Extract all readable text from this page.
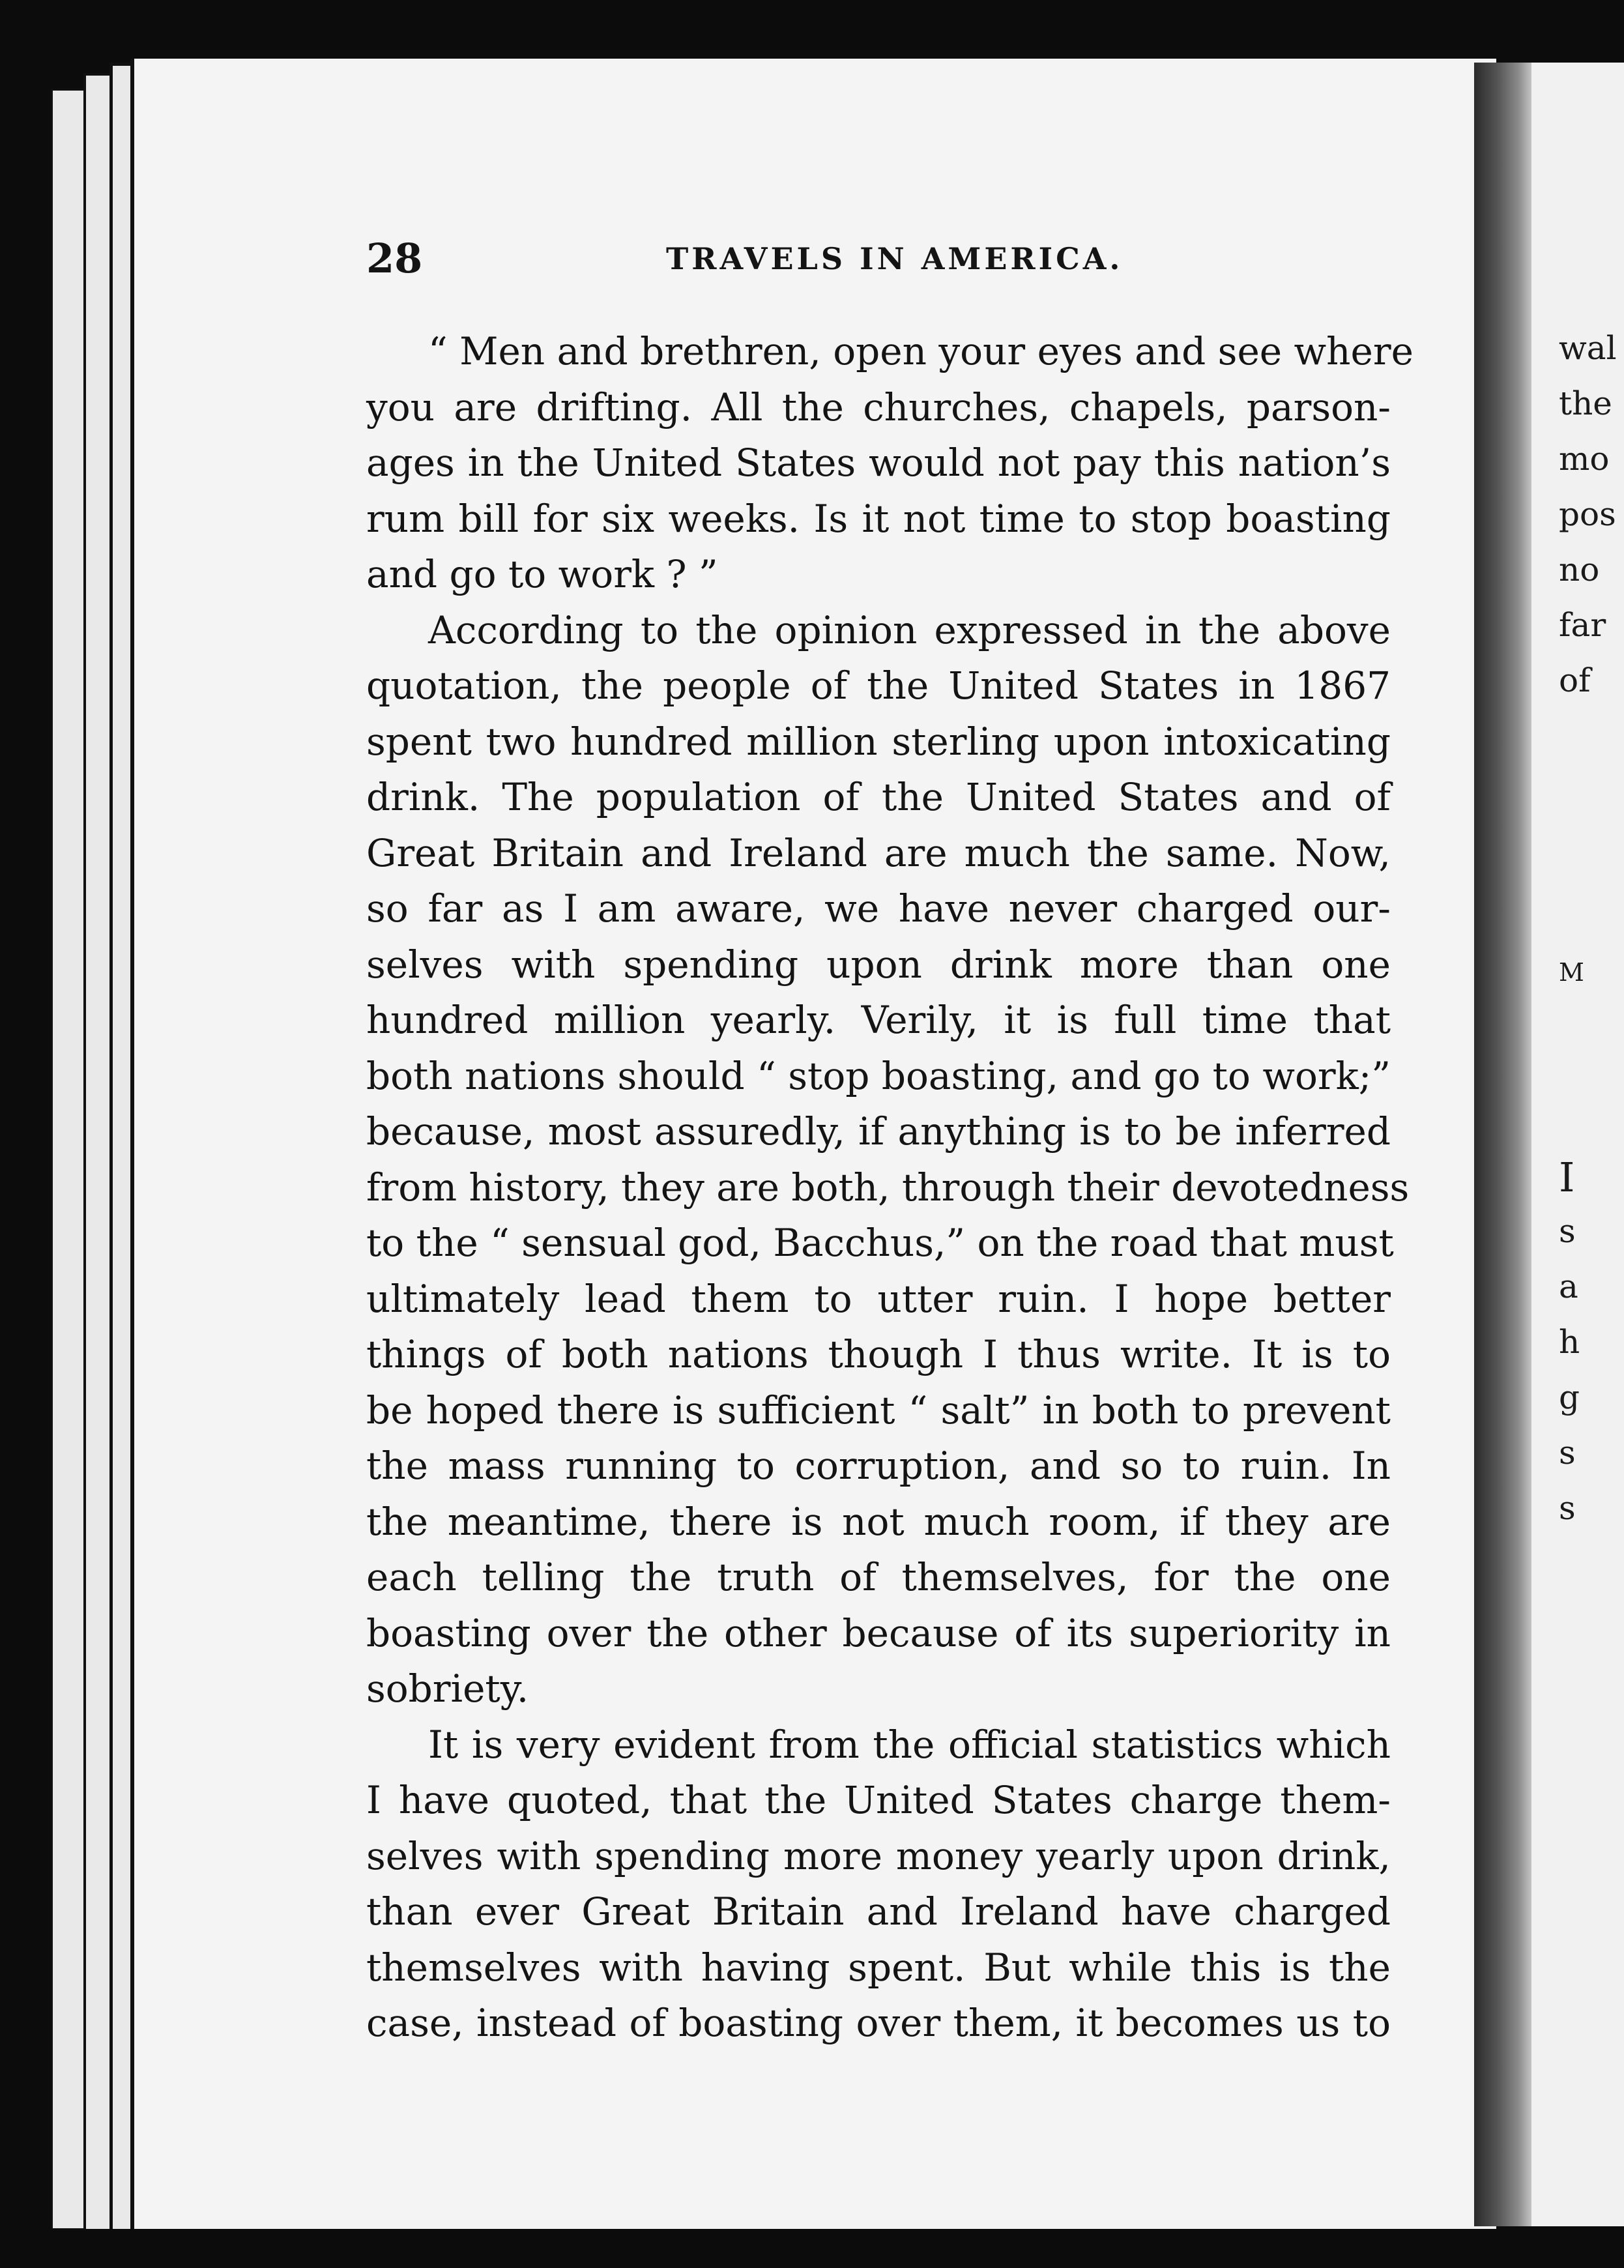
28	TRAVELS IN AMERICA.
“ Men and brethren, open your eyes and see where
you are drifting. All the churches, chapels, parson-
ages in the United States would not pay this nation’s
rum bill for six weeks. Is it not time to stop boasting
and go to work ? ”
According to the opinion expressed in the above
quotation, the people of the United States in 1867
spent two hundred million sterling upon intoxicating
drink. The population of the United States and of
Great Britain and Ireland are much the same. Now,
so far as I am aware, we have never charged our-
selves with spending upon drink more than one
hundred million yearly. Verily, it is full time that
both nations should “ stop boasting, and go to work;”
because, most assuredly, if anything is to be inferred
from history, they are both, through their devotedness
to the “ sensual god, Bacchus,” on the road that must
ultimately lead them to utter ruin. I hope better
things of both nations though I thus write. It is to
be hoped there is sufficient “ salt” in both to prevent
the mass running to corruption, and so to ruin. In
the meantime, there is not much room, if they are
each telling the truth of themselves, for the one
boasting over the other because of its superiority in
sobriety.
It is very evident from the official statistics which
I have quoted, that the United States charge them-
selves with spending more money yearly upon drink,
than ever Great Britain and Ireland have charged
themselves with having spent. But while this is the
case, instead of boasting over them, it becomes us to
wal
the
mo
pos
no
far
of
M
I
s
a
h
g
s
s
